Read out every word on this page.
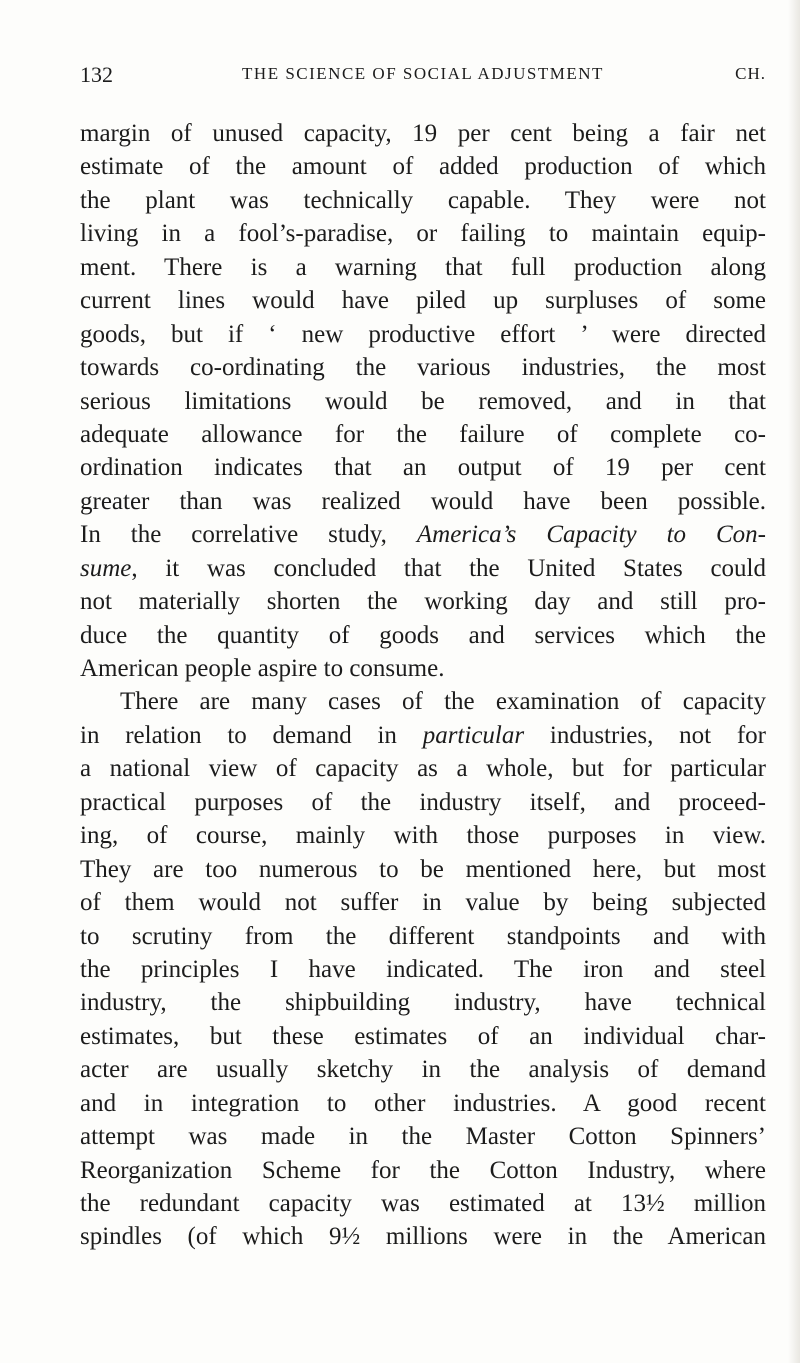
132	THE SCIENCE OF SOCIAL ADJUSTMENT	CH.
margin of unused capacity, 19 per cent being a fair net
estimate of the amount of added production of which
the plant was technically capable. They were not
living in a fool’s-paradise, or failing to maintain equip-
ment. There is a warning that full production along
current lines would have piled up surpluses of some
goods, but if ‘ new productive effort ’ were directed
towards co-ordinating the various industries, the most
serious limitations would be removed, and in that
adequate allowance for the failure of complete co-
ordination indicates that an output of 19 per cent
greater than was realized would have been possible.
In the correlative study, America’s Capacity to Con-
sume, it was concluded that the United States could
not materially shorten the working day and still pro-
duce the quantity of goods and services which the
American people aspire to consume.
There are many cases of the examination of capacity
in relation to demand in particular industries, not for
a national view of capacity as a whole, but for particular
practical purposes of the industry itself, and proceed-
ing, of course, mainly with those purposes in view.
They are too numerous to be mentioned here, but most
of them would not suffer in value by being subjected
to scrutiny from the different standpoints and with
the principles I have indicated. The iron and steel
industry, the shipbuilding industry, have technical
estimates, but these estimates of an individual char-
acter are usually sketchy in the analysis of demand
and in integration to other industries. A good recent
attempt was made in the Master Cotton Spinners’
Reorganization Scheme for the Cotton Industry, where
the redundant capacity was estimated at 13½ million
spindles (of which 9½ millions were in the American
